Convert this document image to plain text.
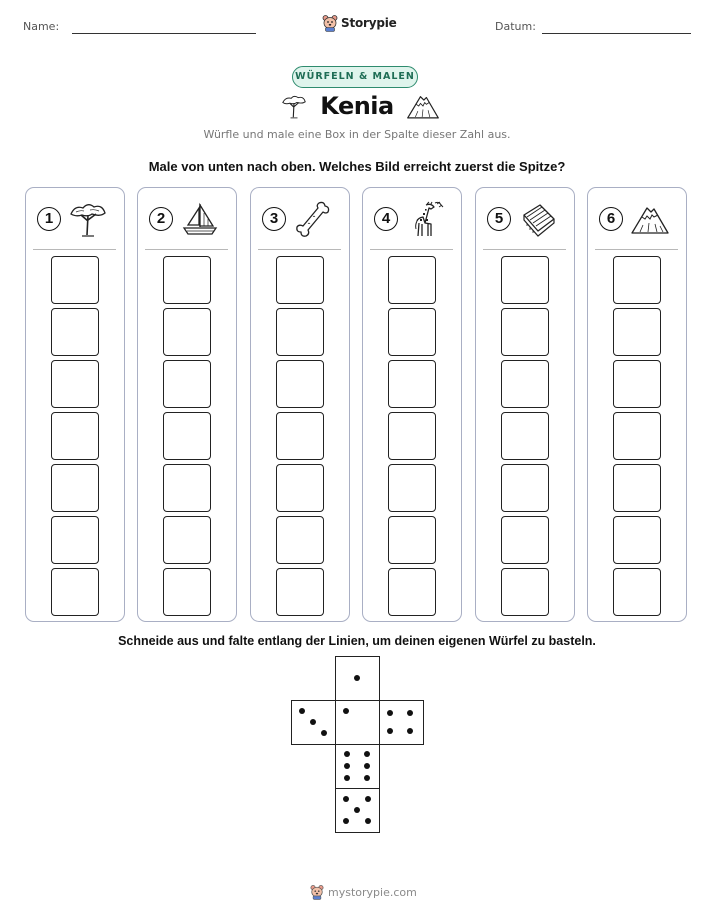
Name:	Storypie	Datum:
WÜRFELN & MALEN
Kenia
Würfle und male eine Box in der Spalte dieser Zahl aus.
Male von unten nach oben. Welches Bild erreicht zuerst die Spitze?
1	2	3	4	5	6
Schneide aus und falte entlang der Linien, um deinen eigenen Würfel zu basteln.
mystorypie.com
